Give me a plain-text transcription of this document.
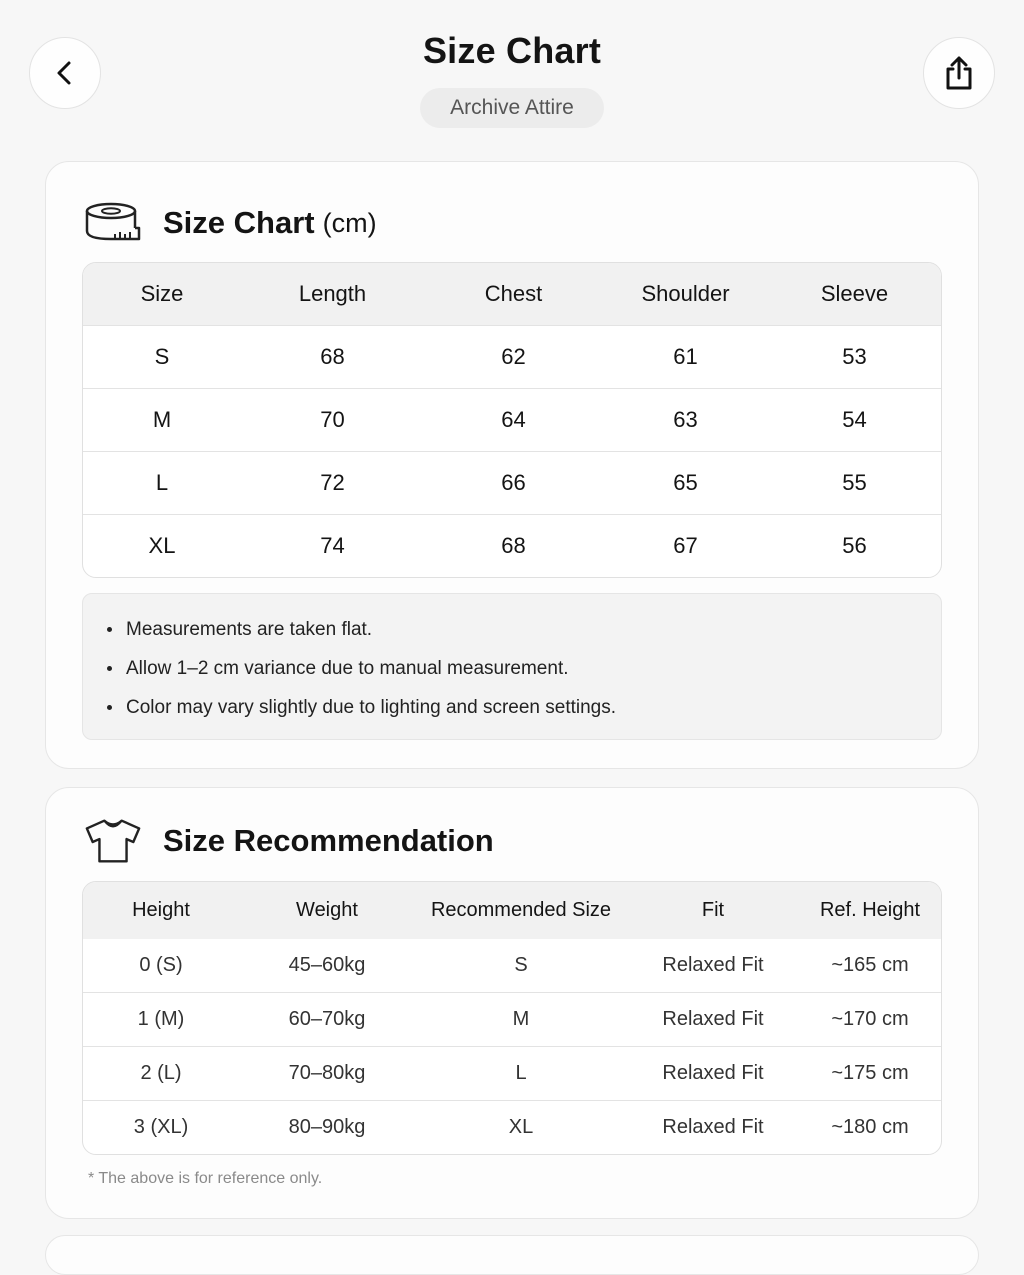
Size Chart
Archive Attire
Size Chart (cm)
Size	Length	Chest	Shoulder	Sleeve
S	68	62	61	53
M	70	64	63	54
L	72	66	65	55
XL	74	68	67	56
Measurements are taken flat.
Allow 1–2 cm variance due to manual measurement.
Color may vary slightly due to lighting and screen settings.
Size Recommendation
Height	Weight	Recommended Size	Fit	Ref. Height
0 (S)	45–60kg	S	Relaxed Fit	~165 cm
1 (M)	60–70kg	M	Relaxed Fit	~170 cm
2 (L)	70–80kg	L	Relaxed Fit	~175 cm
3 (XL)	80–90kg	XL	Relaxed Fit	~180 cm
* The above is for reference only.
